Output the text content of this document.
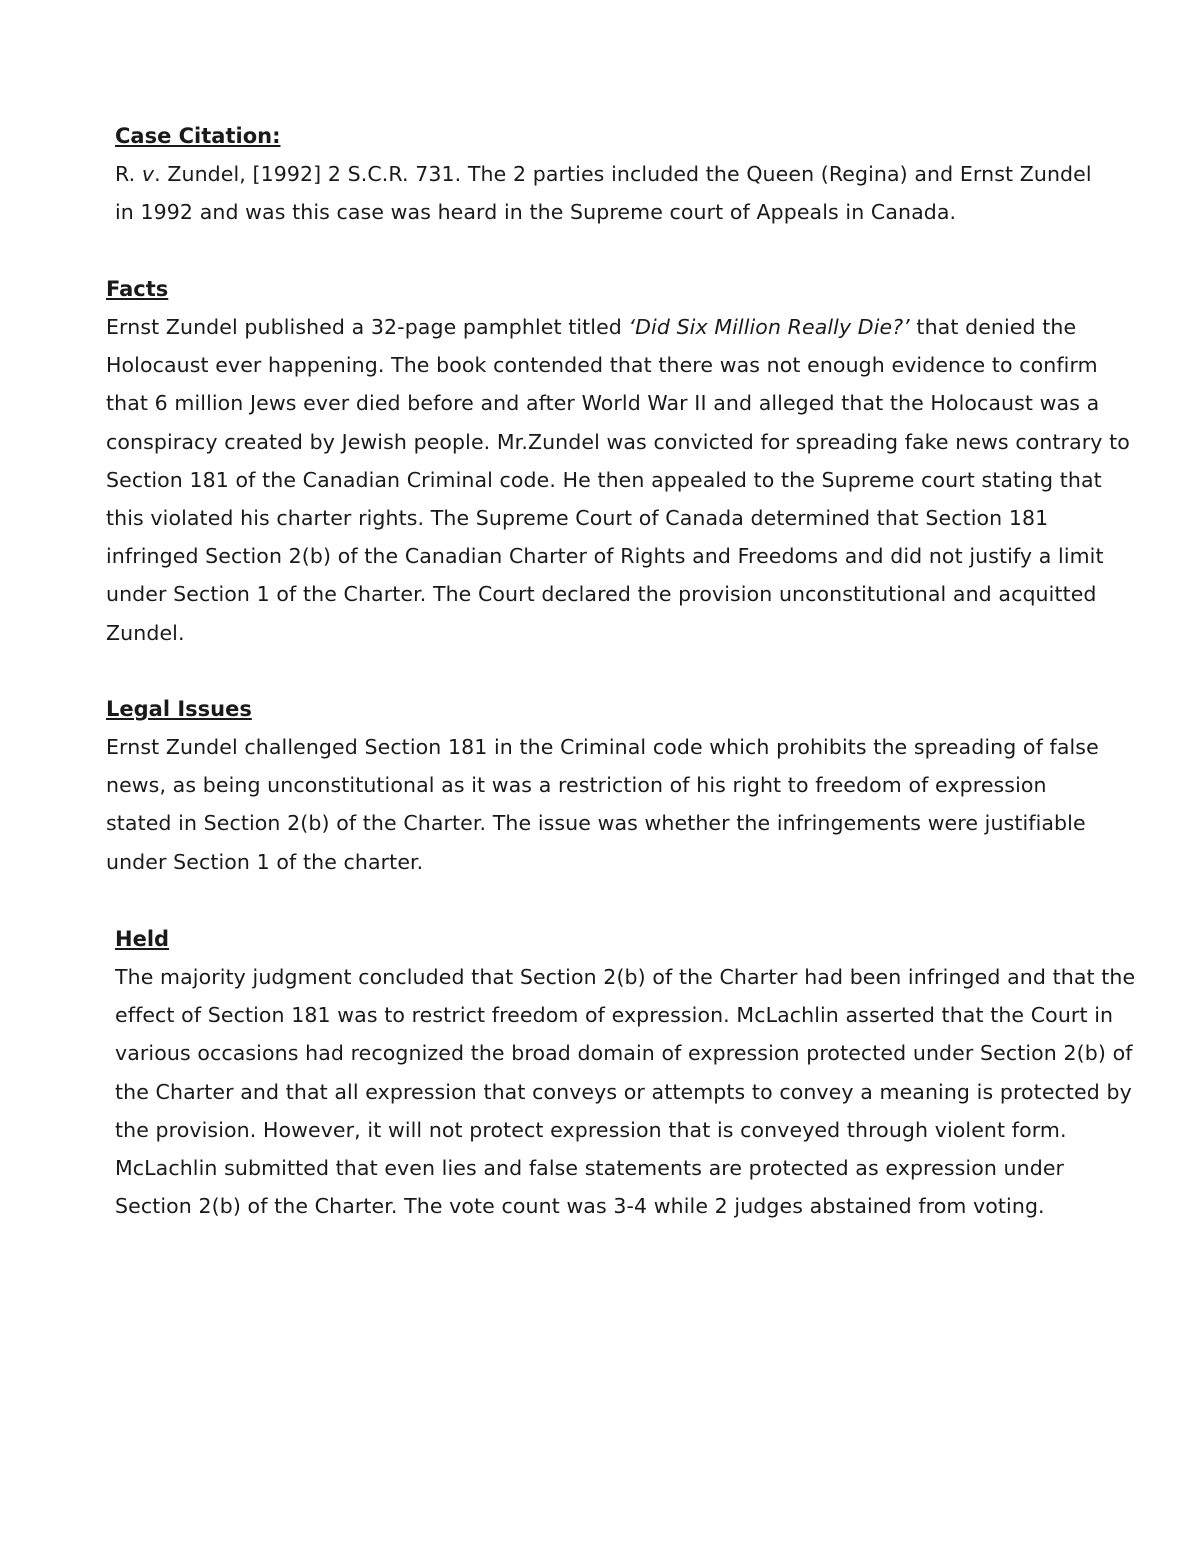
Case Citation:

R. v. Zundel, [1992] 2 S.C.R. 731. The 2 parties included the Queen (Regina) and Ernst Zundel in 1992 and was this case was heard in the Supreme court of Appeals in Canada.

Facts

Ernst Zundel published a 32-page pamphlet titled ‘Did Six Million Really Die?’ that denied the Holocaust ever happening. The book contended that there was not enough evidence to confirm that 6 million Jews ever died before and after World War II and alleged that the Holocaust was a conspiracy created by Jewish people. Mr.Zundel was convicted for spreading fake news contrary to Section 181 of the Canadian Criminal code. He then appealed to the Supreme court stating that this violated his charter rights. The Supreme Court of Canada determined that Section 181 infringed Section 2(b) of the Canadian Charter of Rights and Freedoms and did not justify a limit under Section 1 of the Charter. The Court declared the provision unconstitutional and acquitted Zundel.

Legal Issues

Ernst Zundel challenged Section 181 in the Criminal code which prohibits the spreading of false news, as being unconstitutional as it was a restriction of his right to freedom of expression stated in Section 2(b) of the Charter. The issue was whether the infringements were justifiable under Section 1 of the charter.

Held

The majority judgment concluded that Section 2(b) of the Charter had been infringed and that the effect of Section 181 was to restrict freedom of expression. McLachlin asserted that the Court in various occasions had recognized the broad domain of expression protected under Section 2(b) of the Charter and that all expression that conveys or attempts to convey a meaning is protected by the provision. However, it will not protect expression that is conveyed through violent form. McLachlin submitted that even lies and false statements are protected as expression under Section 2(b) of the Charter. The vote count was 3-4 while 2 judges abstained from voting.
